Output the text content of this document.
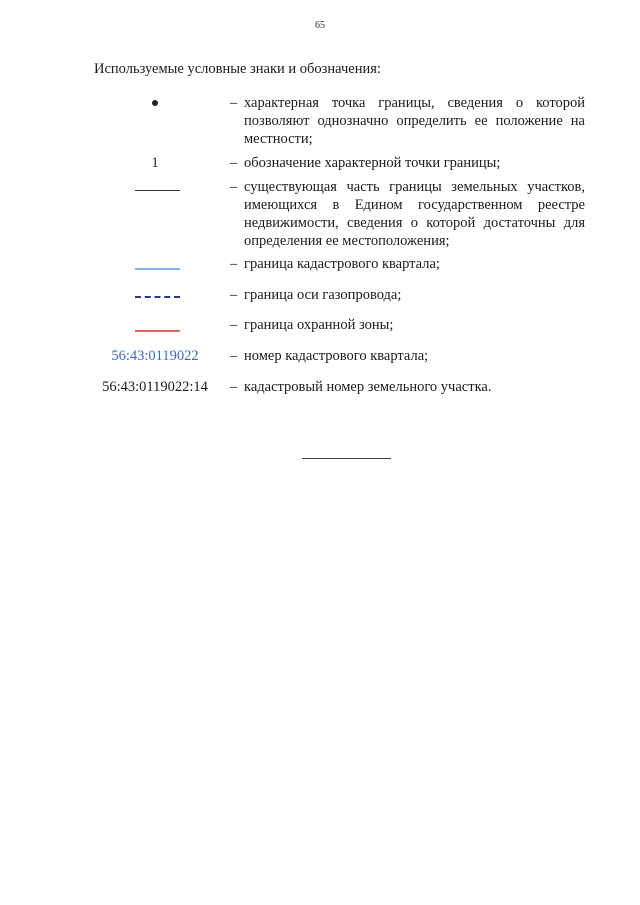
65
Используемые условные знаки и обозначения:
– характерная точка границы, сведения о которой позволяют однозначно определить ее положение на местности;
1	– обозначение характерной точки границы;
– существующая часть границы земельных участков, имеющихся в Едином государственном реестре недвижимости, сведения о которой достаточны для определения ее местоположения;
– граница кадастрового квартала;
– граница оси газопровода;
– граница охранной зоны;
56:43:0119022	– номер кадастрового квартала;
56:43:0119022:14	– кадастровый номер земельного участка.
